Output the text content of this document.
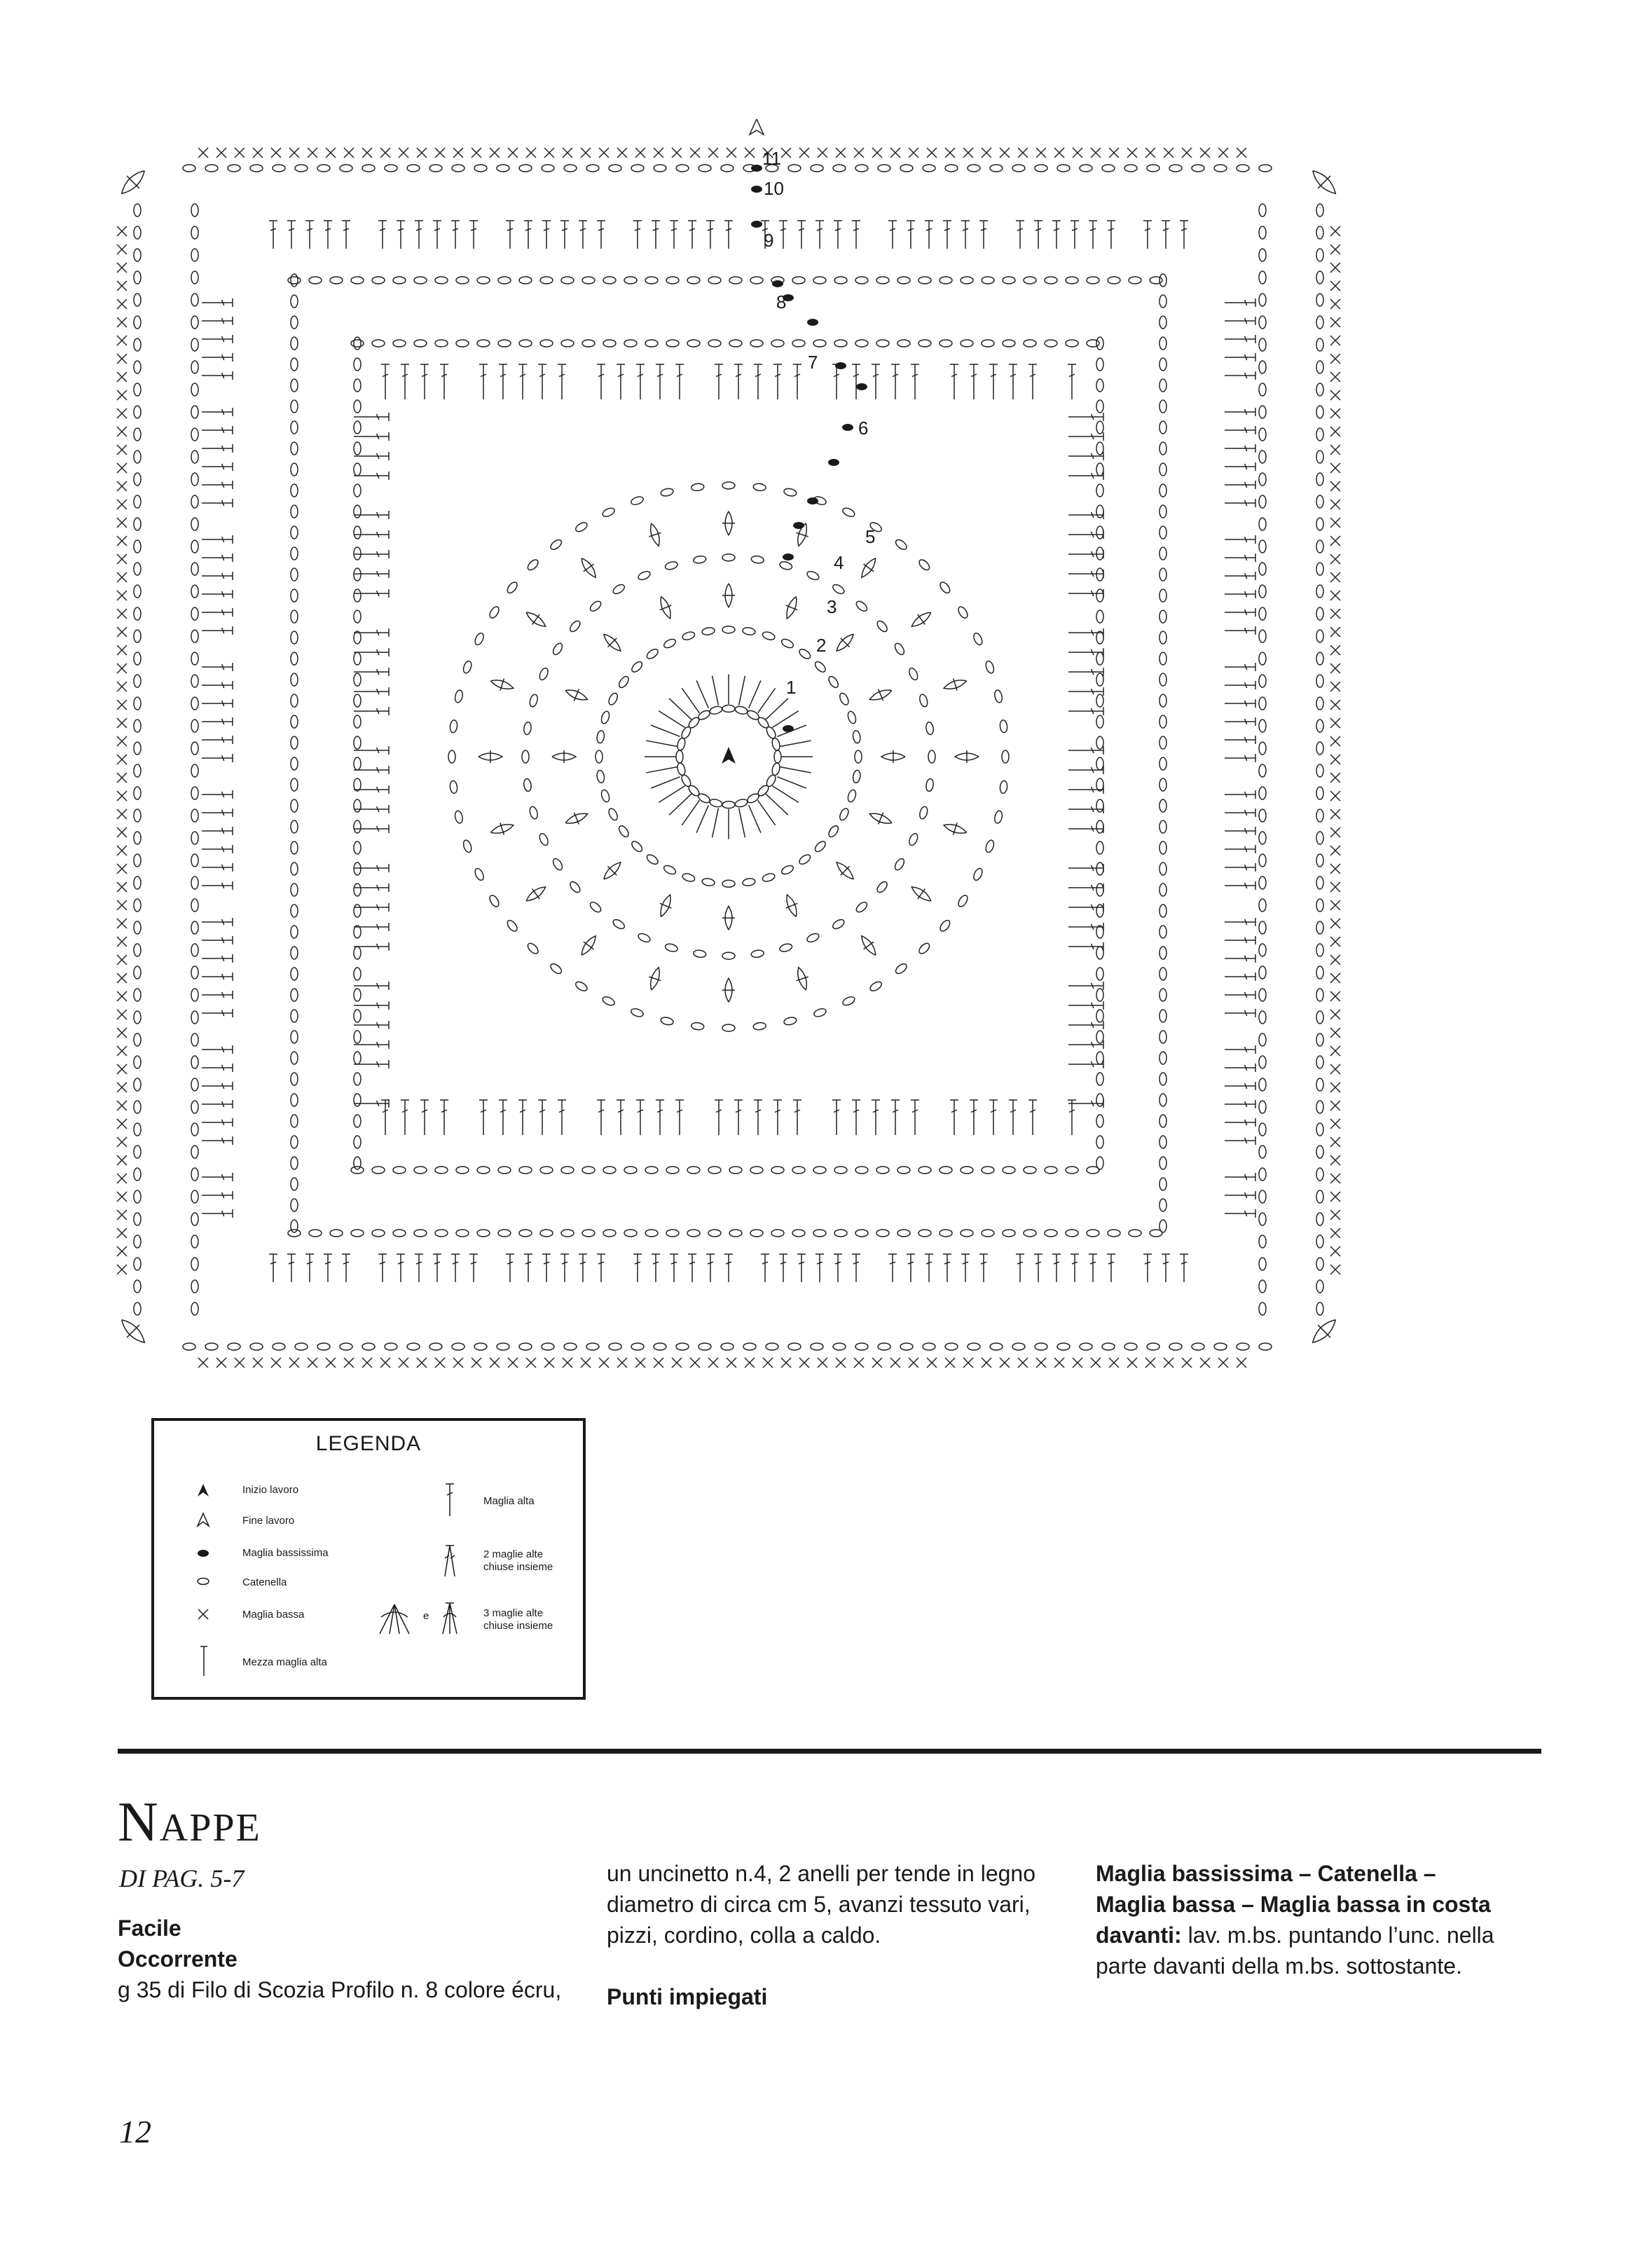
11
10
9
8
7
6
5
4
3
2
1
LEGENDA
Inizio lavoro
Fine lavoro
Maglia bassissima
Catenella
Maglia bassa
Mezza maglia alta
Maglia alta
2 maglie alte
chiuse insieme
e	3 maglie alte
chiuse insieme
Nappe
DI PAG. 5-7

Facile

Occorrente

g 35 di Filo di Scozia Profilo n. 8 colore écru,

un uncinetto n.4, 2 anelli per tende in legno

diametro di circa cm 5, avanzi tessuto vari,

pizzi, cordino, colla a caldo.

Punti impiegati

Maglia bassissima – Catenella –

Maglia bassa – Maglia bassa in costa

davanti: lav. m.bs. puntando l’unc. nella

parte davanti della m.bs. sottostante.

12
